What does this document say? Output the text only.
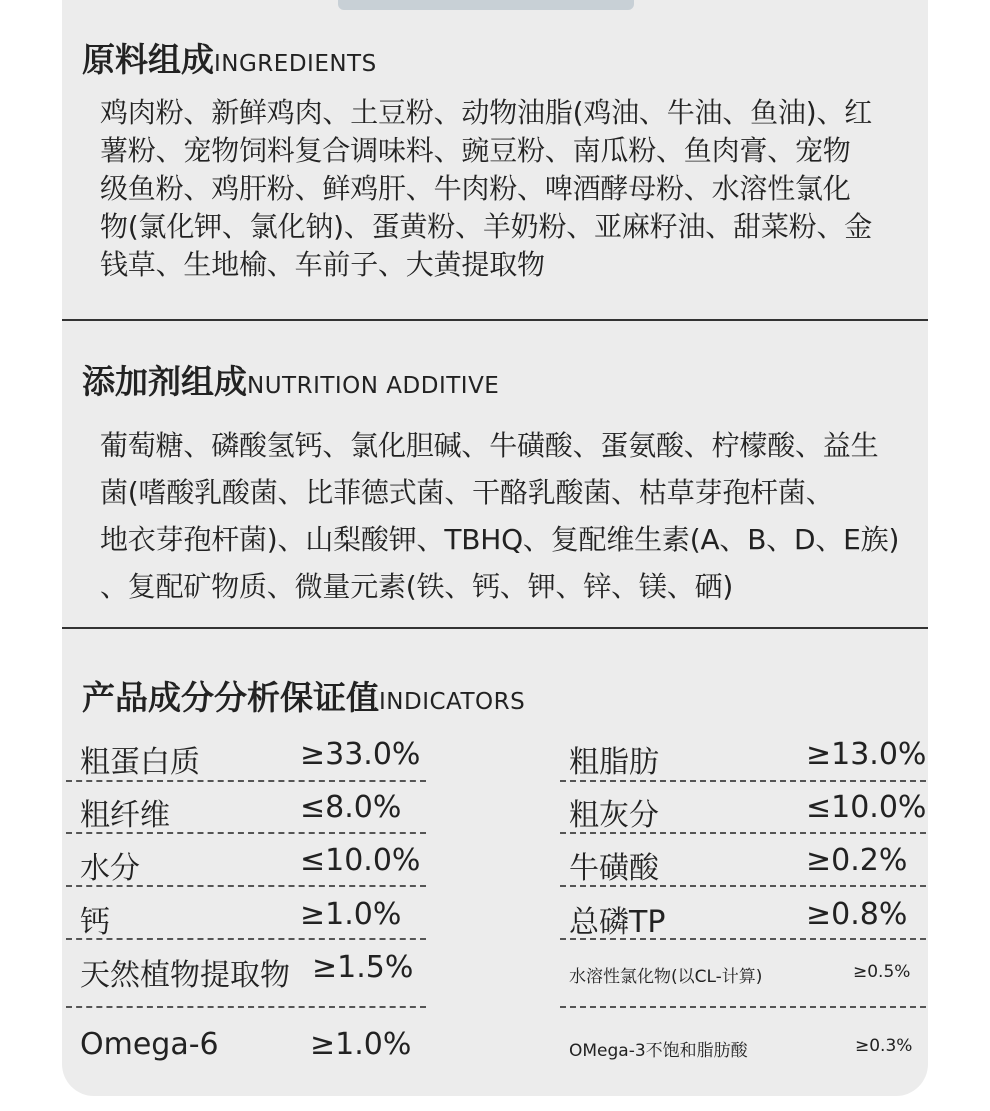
原料组成INGREDIENTS
鸡肉粉、新鲜鸡肉、土豆粉、动物油脂(鸡油、牛油、鱼油)、红
薯粉、宠物饲料复合调味料、豌豆粉、南瓜粉、鱼肉膏、宠物
级鱼粉、鸡肝粉、鲜鸡肝、牛肉粉、啤酒酵母粉、水溶性氯化
物(氯化钾、氯化钠)、蛋黄粉、羊奶粉、亚麻籽油、甜菜粉、金
钱草、生地榆、车前子、大黄提取物
添加剂组成NUTRITION ADDITIVE
葡萄糖、磷酸氢钙、氯化胆碱、牛磺酸、蛋氨酸、柠檬酸、益生
菌(嗜酸乳酸菌、比菲德式菌、干酪乳酸菌、枯草芽孢杆菌、
地衣芽孢杆菌)、山梨酸钾、TBHQ、复配维生素(A、B、D、E族)
、复配矿物质、微量元素(铁、钙、钾、锌、镁、硒)
产品成分分析保证值INDICATORS
粗蛋白质	≥33.0%
粗纤维	≤8.0%
水分	≤10.0%
钙	≥1.0%
天然植物提取物 ≥1.5%
Omega-6	≥1.0%
粗脂肪	≥13.0%
粗灰分	≤10.0%
牛磺酸	≥0.2%
总磷TP	≥0.8%
水溶性氯化物(以CL-计算)	≥0.5%
OMega-3不饱和脂肪酸	≥0.3%
